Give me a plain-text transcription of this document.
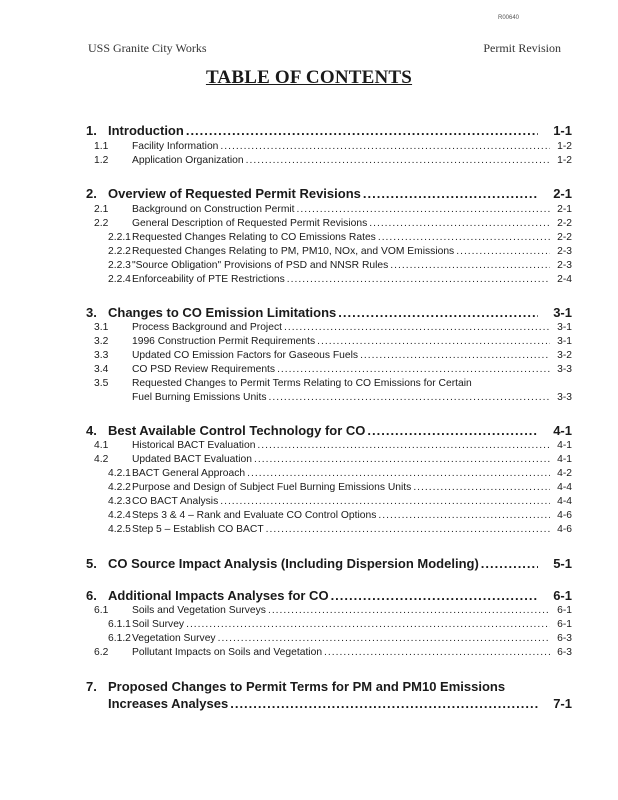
R00640
USS Granite City Works	Permit Revision
TABLE OF CONTENTS
1. Introduction .....	1-1
1.1	Facility Information .....	1-2
1.2	Application Organization .....	1-2
2. Overview of Requested Permit Revisions .....	2-1
2.1	Background on Construction Permit .....	2-1
2.2	General Description of Requested Permit Revisions .....	2-2
2.2.1 Requested Changes Relating to CO Emissions Rates .....	2-2
2.2.2 Requested Changes Relating to PM, PM10, NOx, and VOM Emissions .....	2-3
2.2.3 "Source Obligation" Provisions of PSD and NNSR Rules .....	2-3
2.2.4 Enforceability of PTE Restrictions .....	2-4
3. Changes to CO Emission Limitations .....	3-1
3.1	Process Background and Project .....	3-1
3.2	1996 Construction Permit Requirements .....	3-1
3.3	Updated CO Emission Factors for Gaseous Fuels .....	3-2
3.4	CO PSD Review Requirements .....	3-3
3.5	Requested Changes to Permit Terms Relating to CO Emissions for Certain
Fuel Burning Emissions Units .....	3-3
4. Best Available Control Technology for CO .....	4-1
4.1	Historical BACT Evaluation .....	4-1
4.2	Updated BACT Evaluation .....	4-1
4.2.1 BACT General Approach .....	4-2
4.2.2 Purpose and Design of Subject Fuel Burning Emissions Units .....	4-4
4.2.3 CO BACT Analysis .....	4-4
4.2.4 Steps 3 & 4 – Rank and Evaluate CO Control Options .....	4-6
4.2.5 Step 5 – Establish CO BACT .....	4-6
5. CO Source Impact Analysis (Including Dispersion Modeling) .....	5-1
6. Additional Impacts Analyses for CO .....	6-1
6.1	Soils and Vegetation Surveys .....	6-1
6.1.1 Soil Survey .....	6-1
6.1.2 Vegetation Survey .....	6-3
6.2	Pollutant Impacts on Soils and Vegetation .....	6-3
7. Proposed Changes to Permit Terms for PM and PM10 Emissions
Increases Analyses .....	7-1
